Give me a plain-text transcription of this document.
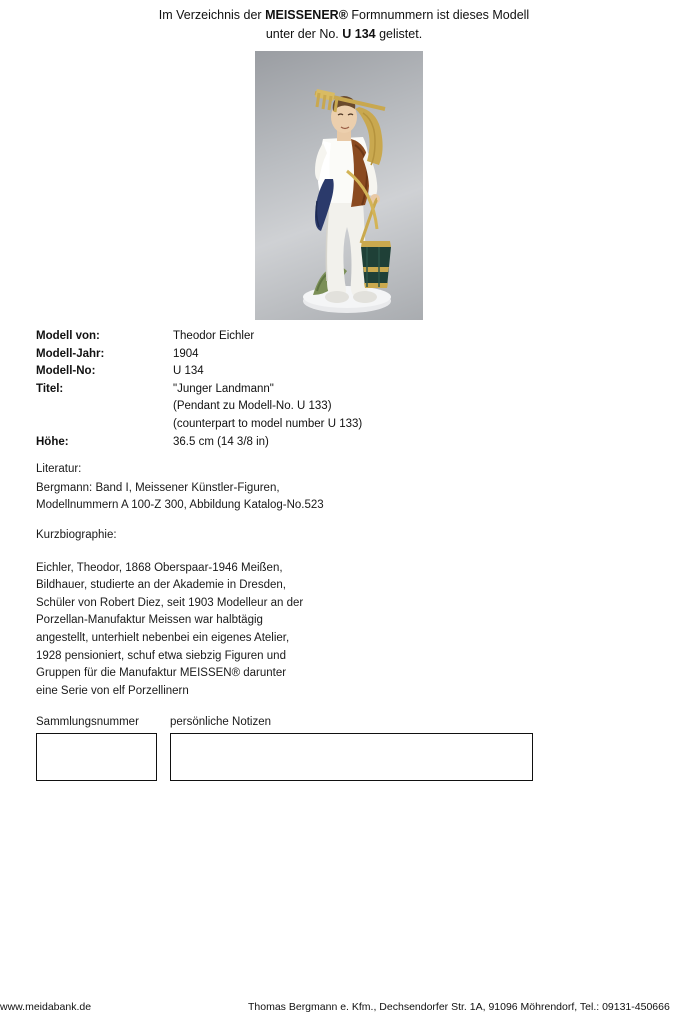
Im Verzeichnis der MEISSENER® Formnummern ist dieses Modell
unter der No. U 134 gelistet.
Modell von:	Theodor Eichler
Modell-Jahr:	1904
Modell-No:	U 134
Titel:	"Junger Landmann"
(Pendant zu Modell-No. U 133)
(counterpart to model number U 133)
Höhe:	36.5 cm (14 3/8 in)
Literatur:
Bergmann: Band I, Meissener Künstler-Figuren,
Modellnummern A 100-Z 300, Abbildung Katalog-No.523
Kurzbiographie:
Eichler, Theodor, 1868 Oberspaar-1946 Meißen,
Bildhauer, studierte an der Akademie in Dresden,
Schüler von Robert Diez, seit 1903 Modelleur an der
Porzellan-Manufaktur Meissen war halbtägig
angestellt, unterhielt nebenbei ein eigenes Atelier,
1928 pensioniert, schuf etwa siebzig Figuren und
Gruppen für die Manufaktur MEISSEN® darunter
eine Serie von elf Porzellinern
Sammlungsnummer	persönliche Notizen
www.meidabank.de	Thomas Bergmann e. Kfm., Dechsendorfer Str. 1A, 91096 Möhrendorf, Tel.: 09131-450666
